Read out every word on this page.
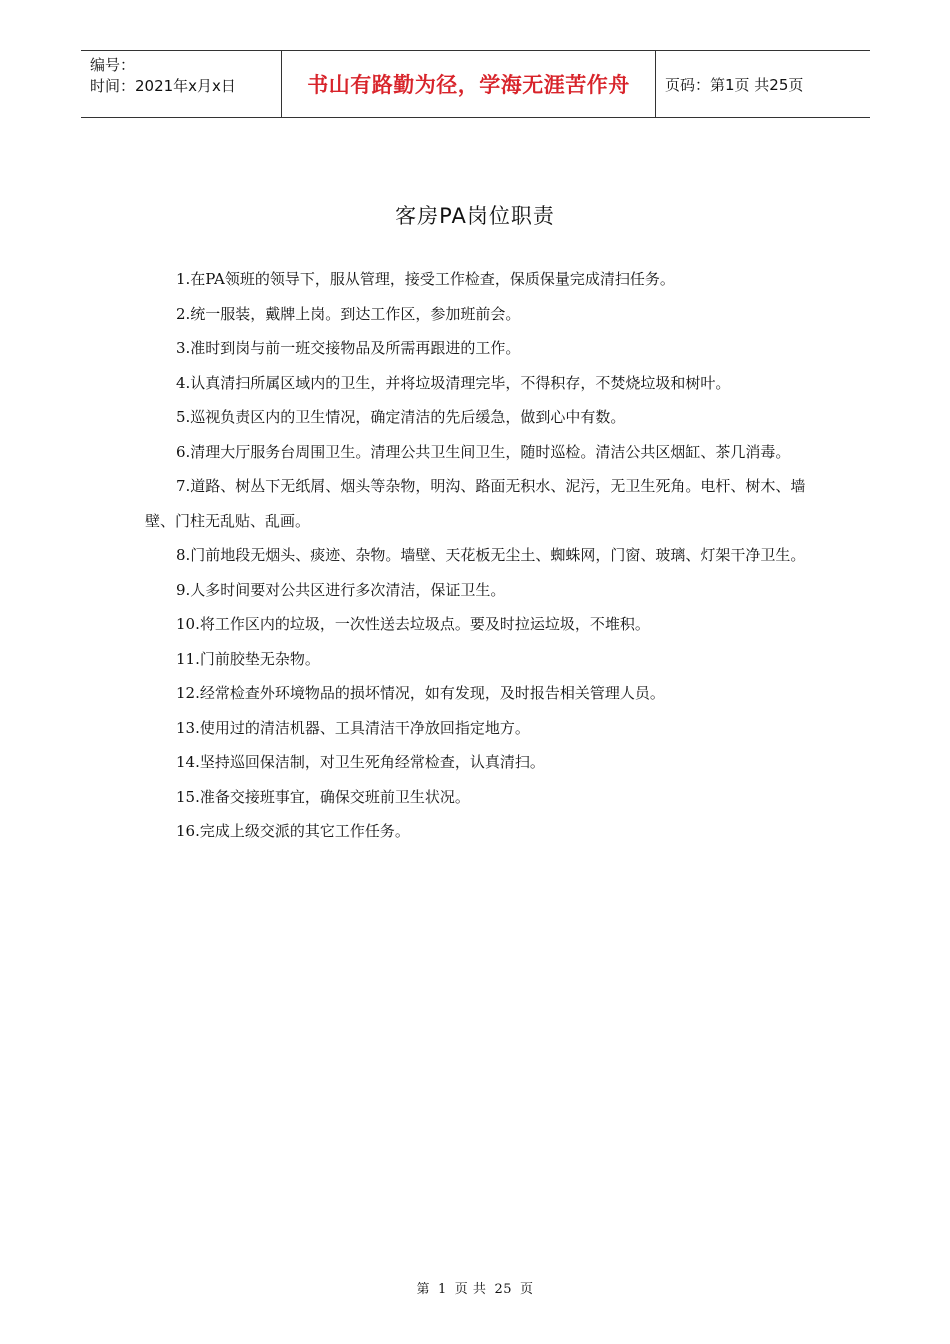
编号：
时间：2021年x月x日	书山有路勤为径，学海无涯苦作舟 页码：第1页 共25页
客房PA岗位职责

1.在PA领班的领导下，服从管理，接受工作检查，保质保量完成清扫任务。

2.统一服装，戴牌上岗。到达工作区，参加班前会。

3.准时到岗与前一班交接物品及所需再跟进的工作。

4.认真清扫所属区域内的卫生，并将垃圾清理完毕，不得积存，不焚烧垃圾和树叶。

5.巡视负责区内的卫生情况，确定清洁的先后缓急，做到心中有数。

6.清理大厅服务台周围卫生。清理公共卫生间卫生，随时巡检。清洁公共区烟缸、茶几消毒。

7.道路、树丛下无纸屑、烟头等杂物，明沟、路面无积水、泥污，无卫生死角。电杆、树木、墙壁、门柱无乱贴、乱画。

8.门前地段无烟头、痰迹、杂物。墙壁、天花板无尘土、蜘蛛网，门窗、玻璃、灯架干净卫生。

9.人多时间要对公共区进行多次清洁，保证卫生。

10.将工作区内的垃圾，一次性送去垃圾点。要及时拉运垃圾，不堆积。

11.门前胶垫无杂物。

12.经常检查外环境物品的损坏情况，如有发现，及时报告相关管理人员。

13.使用过的清洁机器、工具清洁干净放回指定地方。

14.坚持巡回保洁制，对卫生死角经常检查，认真清扫。

15.准备交接班事宜，确保交班前卫生状况。

16.完成上级交派的其它工作任务。

第 1 页 共 25 页
